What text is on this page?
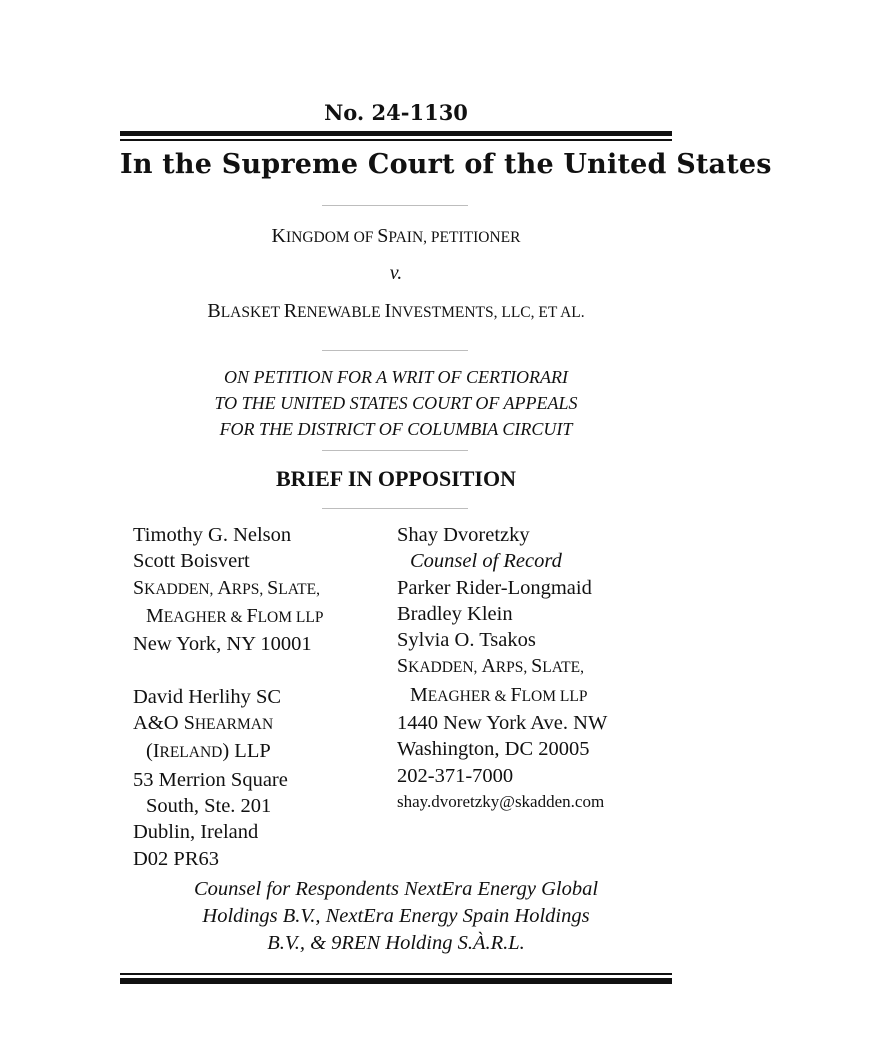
No. 24-1130
In the Supreme Court of the United States
KINGDOM OF SPAIN, PETITIONER
v.
BLASKET RENEWABLE INVESTMENTS, LLC, ET AL.
ON PETITION FOR A WRIT OF CERTIORARI
TO THE UNITED STATES COURT OF APPEALS
FOR THE DISTRICT OF COLUMBIA CIRCUIT
BRIEF IN OPPOSITION
Timothy G. Nelson
Scott Boisvert
SKADDEN, ARPS, SLATE,
MEAGHER & FLOM LLP
New York, NY 10001
David Herlihy SC
A&O SHEARMAN
(IRELAND) LLP
53 Merrion Square
South, Ste. 201
Dublin, Ireland
D02 PR63
Shay Dvoretzky
Counsel of Record
Parker Rider-Longmaid
Bradley Klein
Sylvia O. Tsakos
SKADDEN, ARPS, SLATE,
MEAGHER & FLOM LLP
1440 New York Ave. NW
Washington, DC 20005
202-371-7000
shay.dvoretzky@skadden.com
Counsel for Respondents NextEra Energy Global
Holdings B.V., NextEra Energy Spain Holdings
B.V., & 9REN Holding S.À.R.L.
